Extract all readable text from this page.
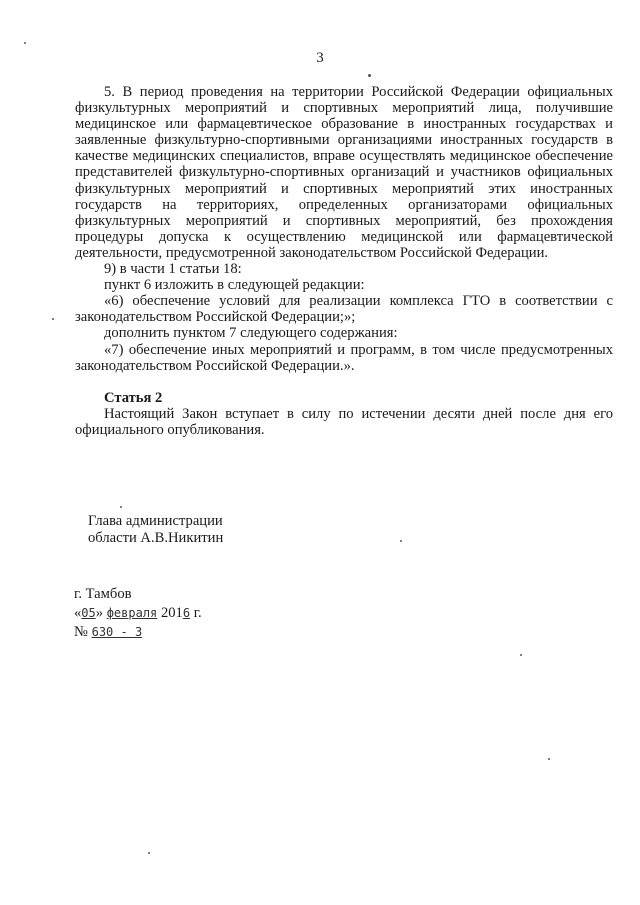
3

5. В период проведения на территории Российской Федерации официальных физкультурных мероприятий и спортивных мероприятий лица, получившие медицинское или фармацевтическое образование в иностранных государствах и заявленные физкультурно-спортивными организациями иностранных государств в качестве медицинских специалистов, вправе осуществлять медицинское обеспечение представителей физкультурно-спортивных организаций и участников официальных физкультурных мероприятий и спортивных мероприятий этих иностранных государств на территориях, определенных организаторами официальных физкультурных мероприятий и спортивных мероприятий, без прохождения процедуры допуска к осуществлению медицинской или фармацевтической деятельности, предусмотренной законодательством Российской Федерации.

9) в части 1 статьи 18:

пункт 6 изложить в следующей редакции:

«6) обеспечение условий для реализации комплекса ГТО в соответствии с законодательством Российской Федерации;»;

дополнить пунктом 7 следующего содержания:

«7) обеспечение иных мероприятий и программ, в том числе предусмотренных законодательством Российской Федерации.».

Статья 2

Настоящий Закон вступает в силу по истечении десяти дней после дня его официального опубликования.

Глава администрации
области А.В.Никитин
г. Тамбов
«05» февраля 2016 г.
№ 630 - 3
